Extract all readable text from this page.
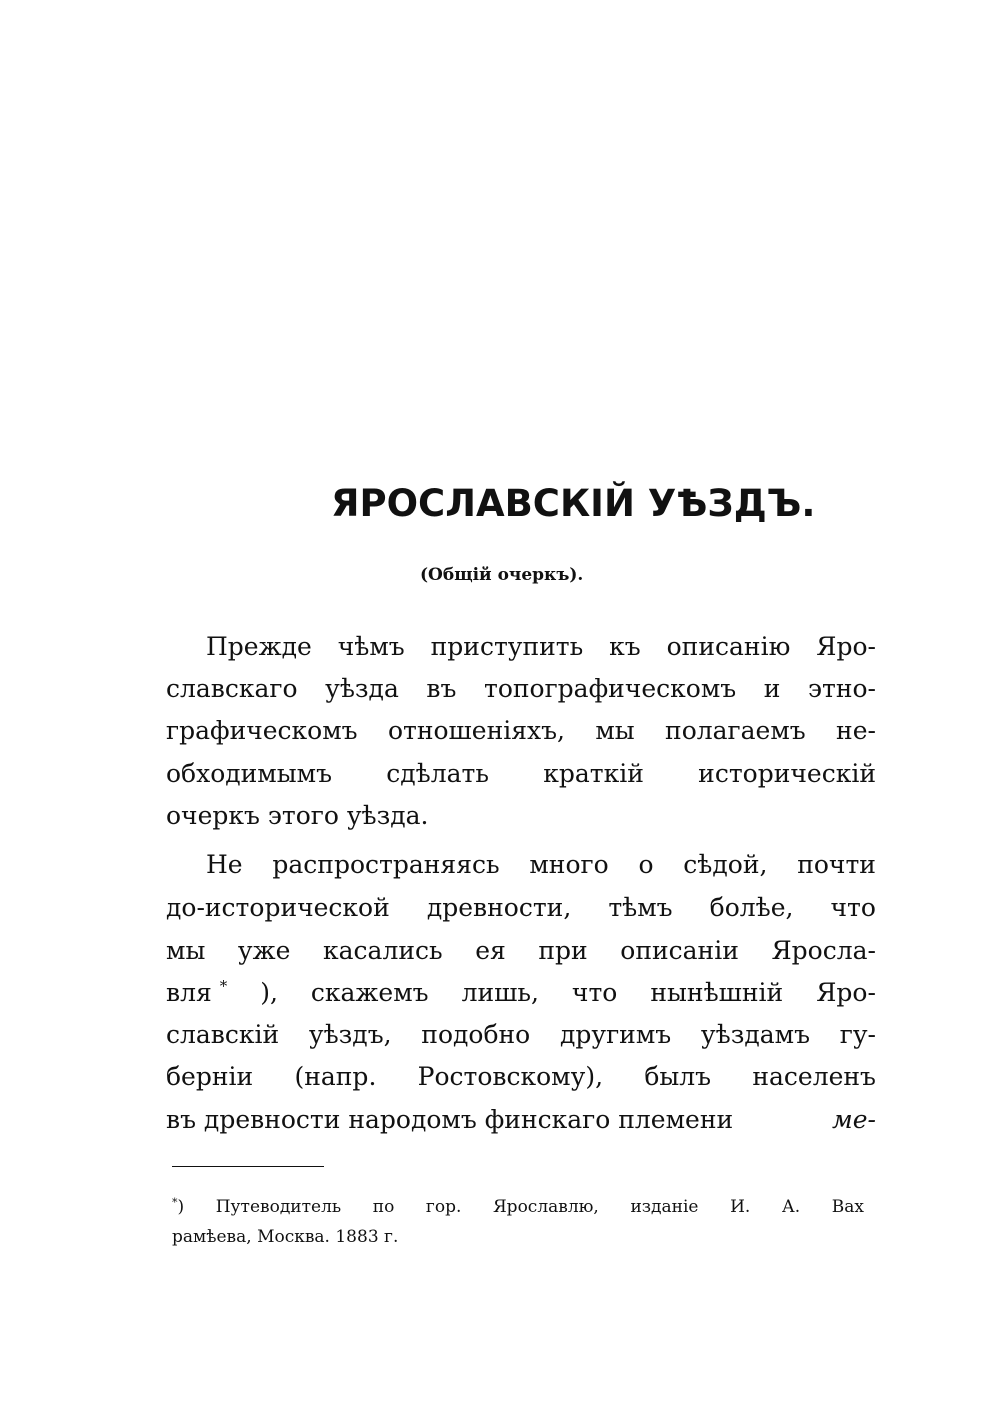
ЯРОСЛАВСКІЙ УѢЗДЪ.
(Общій очеркъ).
Прежде чѣмъ приступить къ описанію Яро-
славскаго уѣзда въ топографическомъ и этно-
графическомъ отношеніяхъ, мы полагаемъ не-
обходимымъ сдѣлать краткій историческій
очеркъ этого уѣзда.
Не распространяясь много о сѣдой, почти
до-исторической древности, тѣмъ болѣе, что
мы уже касались ея при описаніи Яросла-
вля * ), скажемъ лишь, что нынѣшній Яро-
славскій уѣздъ, подобно другимъ уѣздамъ гу-
берніи (напр. Ростовскому), былъ населенъ
въ древности народомъ финскаго племени	ме-
*) Путеводитель по гор. Ярославлю, изданіе И. А. Вах
рамѣева, Москва. 1883 г.
